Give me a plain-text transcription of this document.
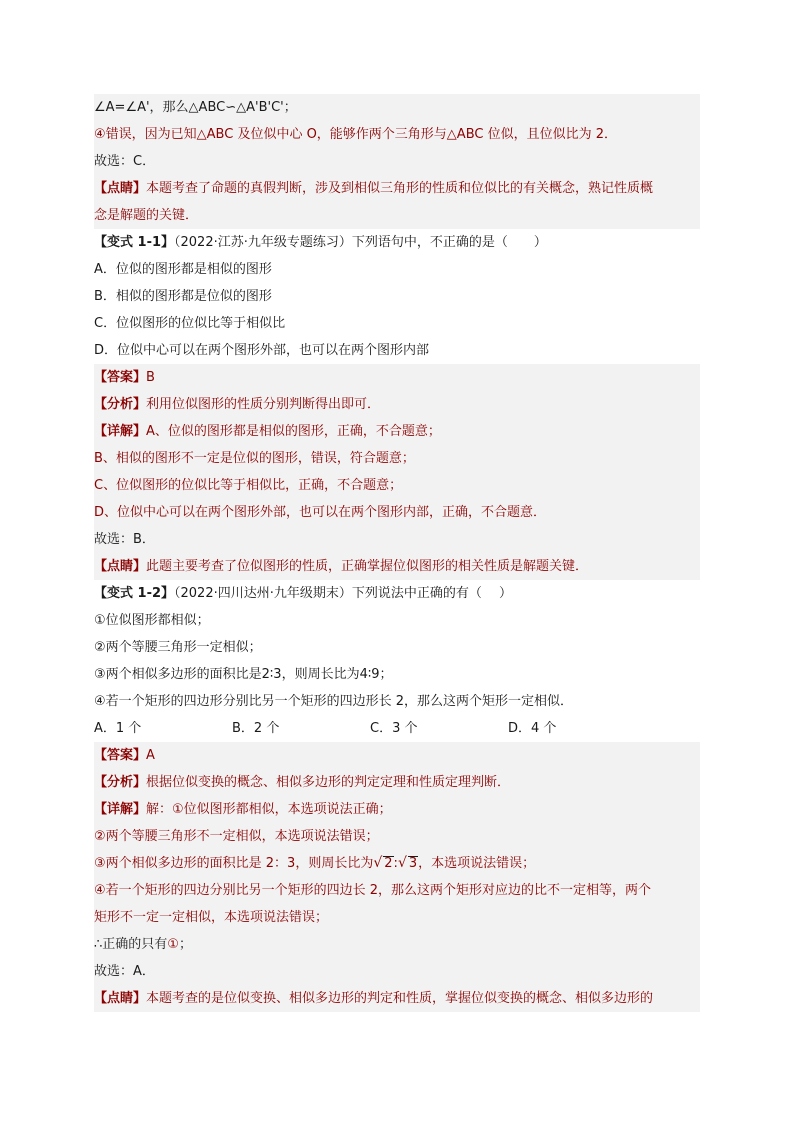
∠A=∠A'，那么△ABC∽△A'B'C'；
④错误，因为已知△ABC 及位似中心 O，能够作两个三角形与△ABC 位似，且位似比为 2．
故选：C．
【点睛】本题考查了命题的真假判断，涉及到相似三角形的性质和位似比的有关概念，熟记性质概
念是解题的关键．
【变式 1-1】（2022·江苏·九年级专题练习）下列语句中，不正确的是（　　）
A．位似的图形都是相似的图形
B．相似的图形都是位似的图形
C．位似图形的位似比等于相似比
D．位似中心可以在两个图形外部，也可以在两个图形内部
【答案】B
【分析】利用位似图形的性质分别判断得出即可．
【详解】A、位似的图形都是相似的图形，正确，不合题意；
B、相似的图形不一定是位似的图形，错误，符合题意；
C、位似图形的位似比等于相似比，正确，不合题意；
D、位似中心可以在两个图形外部，也可以在两个图形内部，正确，不合题意．
故选：B．
【点睛】此题主要考查了位似图形的性质，正确掌握位似图形的相关性质是解题关键．
【变式 1-2】（2022·四川达州·九年级期末）下列说法中正确的有（　 ）
①位似图形都相似；
②两个等腰三角形一定相似；
③两个相似多边形的面积比是2∶3，则周长比为4∶9；
④若一个矩形的四边形分别比另一个矩形的四边形长 2，那么这两个矩形一定相似．
A．1 个	B．2 个	C．3 个	D．4 个
【答案】A
【分析】根据位似变换的概念、相似多边形的判定定理和性质定理判断．
【详解】解：①位似图形都相似，本选项说法正确；
②两个等腰三角形不一定相似，本选项说法错误；
③两个相似多边形的面积比是 2：3，则周长比为√ 2:√ 3，本选项说法错误；
④若一个矩形的四边分别比另一个矩形的四边长 2，那么这两个矩形对应边的比不一定相等，两个
矩形不一定一定相似，本选项说法错误；
∴正确的只有①；
故选：A．
【点睛】本题考查的是位似变换、相似多边形的判定和性质，掌握位似变换的概念、相似多边形的
